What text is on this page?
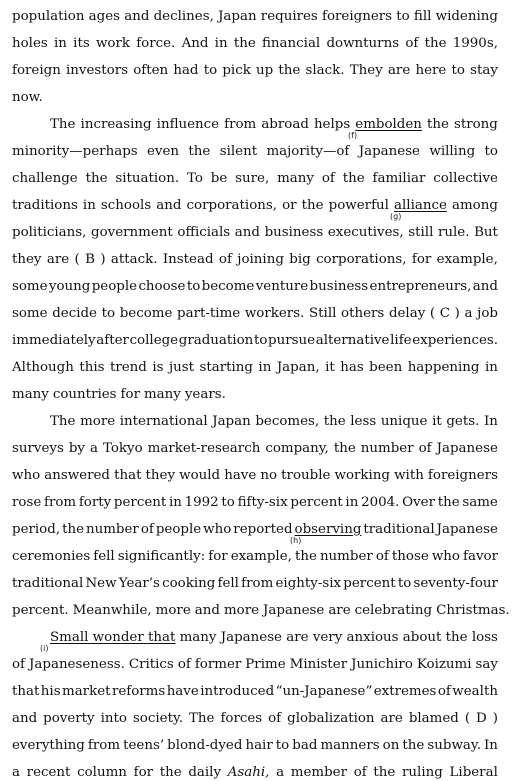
population ages and declines, Japan requires foreigners to fill widening
holes in its work force. And in the financial downturns of the 1990s,
foreign investors often had to pick up the slack. They are here to stay
now.
The increasing influence from abroad helps embolden the strong
(f)
minority—perhaps even the silent majority—of Japanese willing to
challenge the situation. To be sure, many of the familiar collective
traditions in schools and corporations, or the powerful alliance among
(g)
politicians, government officials and business executives, still rule. But
they are ( B ) attack. Instead of joining big corporations, for example,
some young people choose to become venture business entrepreneurs, and
some decide to become part-time workers. Still others delay ( C ) a job
immediately after college graduation to pursue alternative life experiences.
Although this trend is just starting in Japan, it has been happening in
many countries for many years.
The more international Japan becomes, the less unique it gets. In
surveys by a Tokyo market-research company, the number of Japanese
who answered that they would have no trouble working with foreigners
rose from forty percent in 1992 to fifty-six percent in 2004. Over the same
period, the number of people who reported observing traditional Japanese
(h)
ceremonies fell significantly: for example, the number of those who favor
traditional New Year’s cooking fell from eighty-six percent to seventy-four
percent. Meanwhile, more and more Japanese are celebrating Christmas.
Small wonder that many Japanese are very anxious about the loss
(i)
of Japaneseness. Critics of former Prime Minister Junichiro Koizumi say
that his market reforms have introduced “un-Japanese” extremes of wealth
and poverty into society. The forces of globalization are blamed ( D )
everything from teens’ blond-dyed hair to bad manners on the subway. In
a recent column for the daily Asahi, a member of the ruling Liberal
